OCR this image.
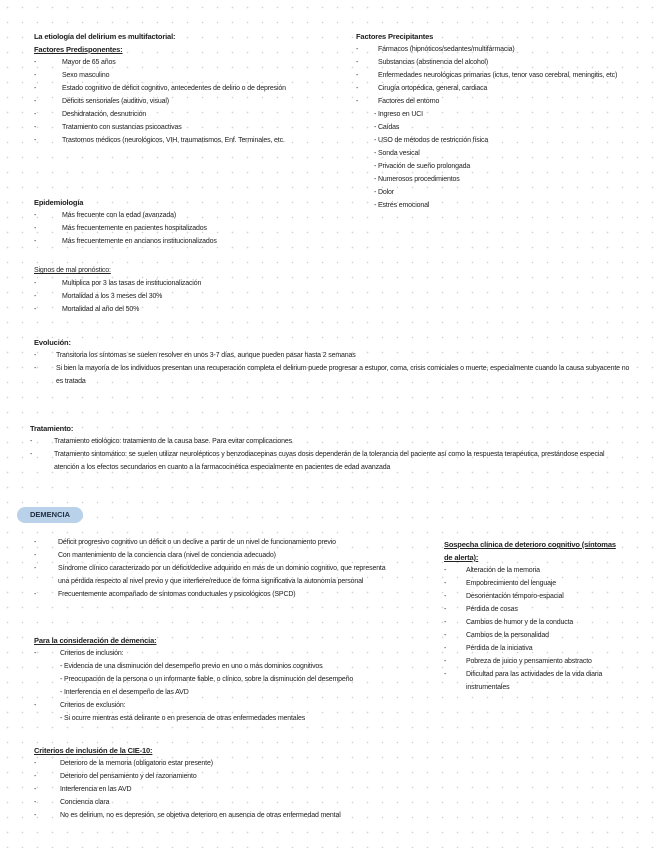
La etiología del delirium es multifactorial:
Factores Predisponentes:
-	Mayor de 65 años
-	Sexo masculino
-	Estado cognitivo de déficit cognitivo, antecedentes de delirio o de depresión
-	Déficits sensoriales (auditivo, visual)
-	Deshidratación, desnutrición
-	Tratamiento con sustancias psicoactivas
-	Trastornos médicos (neurológicos, VIH, traumatismos, Enf. Terminales, etc.
Factores Precipitantes
-	Fármacos (hipnóticos/sedantes/multifármacia)
-	Substancias (abstinencia del alcohol)
-	Enfermedades neurológicas primarias (ictus, tenor vaso cerebral, meningitis, etc)
-	Cirugía ortopédica, general, cardiaca
-	Factores del entorno
- Ingreso en UCI
- Caídas
- USO de métodos de restricción física
- Sonda vesical
- Privación de sueño prolongada
- Numerosos procedimientos
- Dolor
- Estrés emocional
Epidemiología
-	Más frecuente con la edad (avanzada)
-	Más frecuentemente en pacientes hospitalizados
-	Más frecuentemente en ancianos institucionalizados
Signos de mal pronóstico:
-	Multiplica por 3 las tasas de institucionalización
-	Mortalidad a los 3 meses del 30%
-	Mortalidad al año del 50%
Evolución:
-	Transitoria los síntomas se suelen resolver en unos 3-7 días, aunque pueden pasar hasta 2 semanas
-	Si bien la mayoría de los individuos presentan una recuperación completa el delirium puede progresar a estupor, coma, crisis comiciales o muerte, especialmente cuando la causa subyacente no es tratada
Tratamiento:
-	Tratamiento etiológico: tratamiento de la causa base. Para evitar complicaciones
-	Tratamiento sintomático: se suelen utilizar neurolépticos y benzodiacepinas cuyas dosis dependerán de la tolerancia del paciente así como la respuesta terapéutica, prestándose especial atención a los efectos secundarios en cuanto a la farmacocinética especialmente en pacientes de edad avanzada
DEMENCIA
-	Déficit progresivo cognitivo un déficit o un declive a partir de un nivel de funcionamiento previo
-	Con mantenimiento de la conciencia clara (nivel de conciencia adecuado)
-	Síndrome clínico caracterizado por un déficit/declive adquirido en más de un dominio cognitivo, que representa una pérdida respecto al nivel previo y que interfiere/reduce de forma significativa la autonomía personal
-	Frecuentemente acompañado de síntomas conductuales y psicológicos (SPCD)
Para la consideración de demencia:
-	Criterios de inclusión:
- Evidencia de una disminución del desempeño previo en uno o más dominios cognitivos
- Preocupación de la persona o un informante fiable, o clínico, sobre la disminución del desempeño
- Interferencia en el desempeño de las AVD
-	Criterios de exclusión:
- Si ocurre mientras está delirante o en presencia de otras enfermedades mentales
Criterios de inclusión de la CIE-10:
-	Deterioro de la memoria (obligatorio estar presente)
-	Deterioro del pensamiento y del razonamiento
-	Interferencia en las AVD
-	Conciencia clara
-	No es delirium, no es depresión, se objetiva deterioro en ausencia de otras enfermedad mental
Sospecha clínica de deterioro cognitivo (síntomas de alerta):
-	Alteración de la memoria
-	Empobrecimiento del lenguaje
-	Desorientación témporo-espacial
-	Pérdida de cosas
-	Cambios de humor y de la conducta
-	Cambios de la personalidad
-	Pérdida de la iniciativa
-	Pobreza de juicio y pensamiento abstracto
-	Dificultad para las actividades de la vida diaria instrumentales
